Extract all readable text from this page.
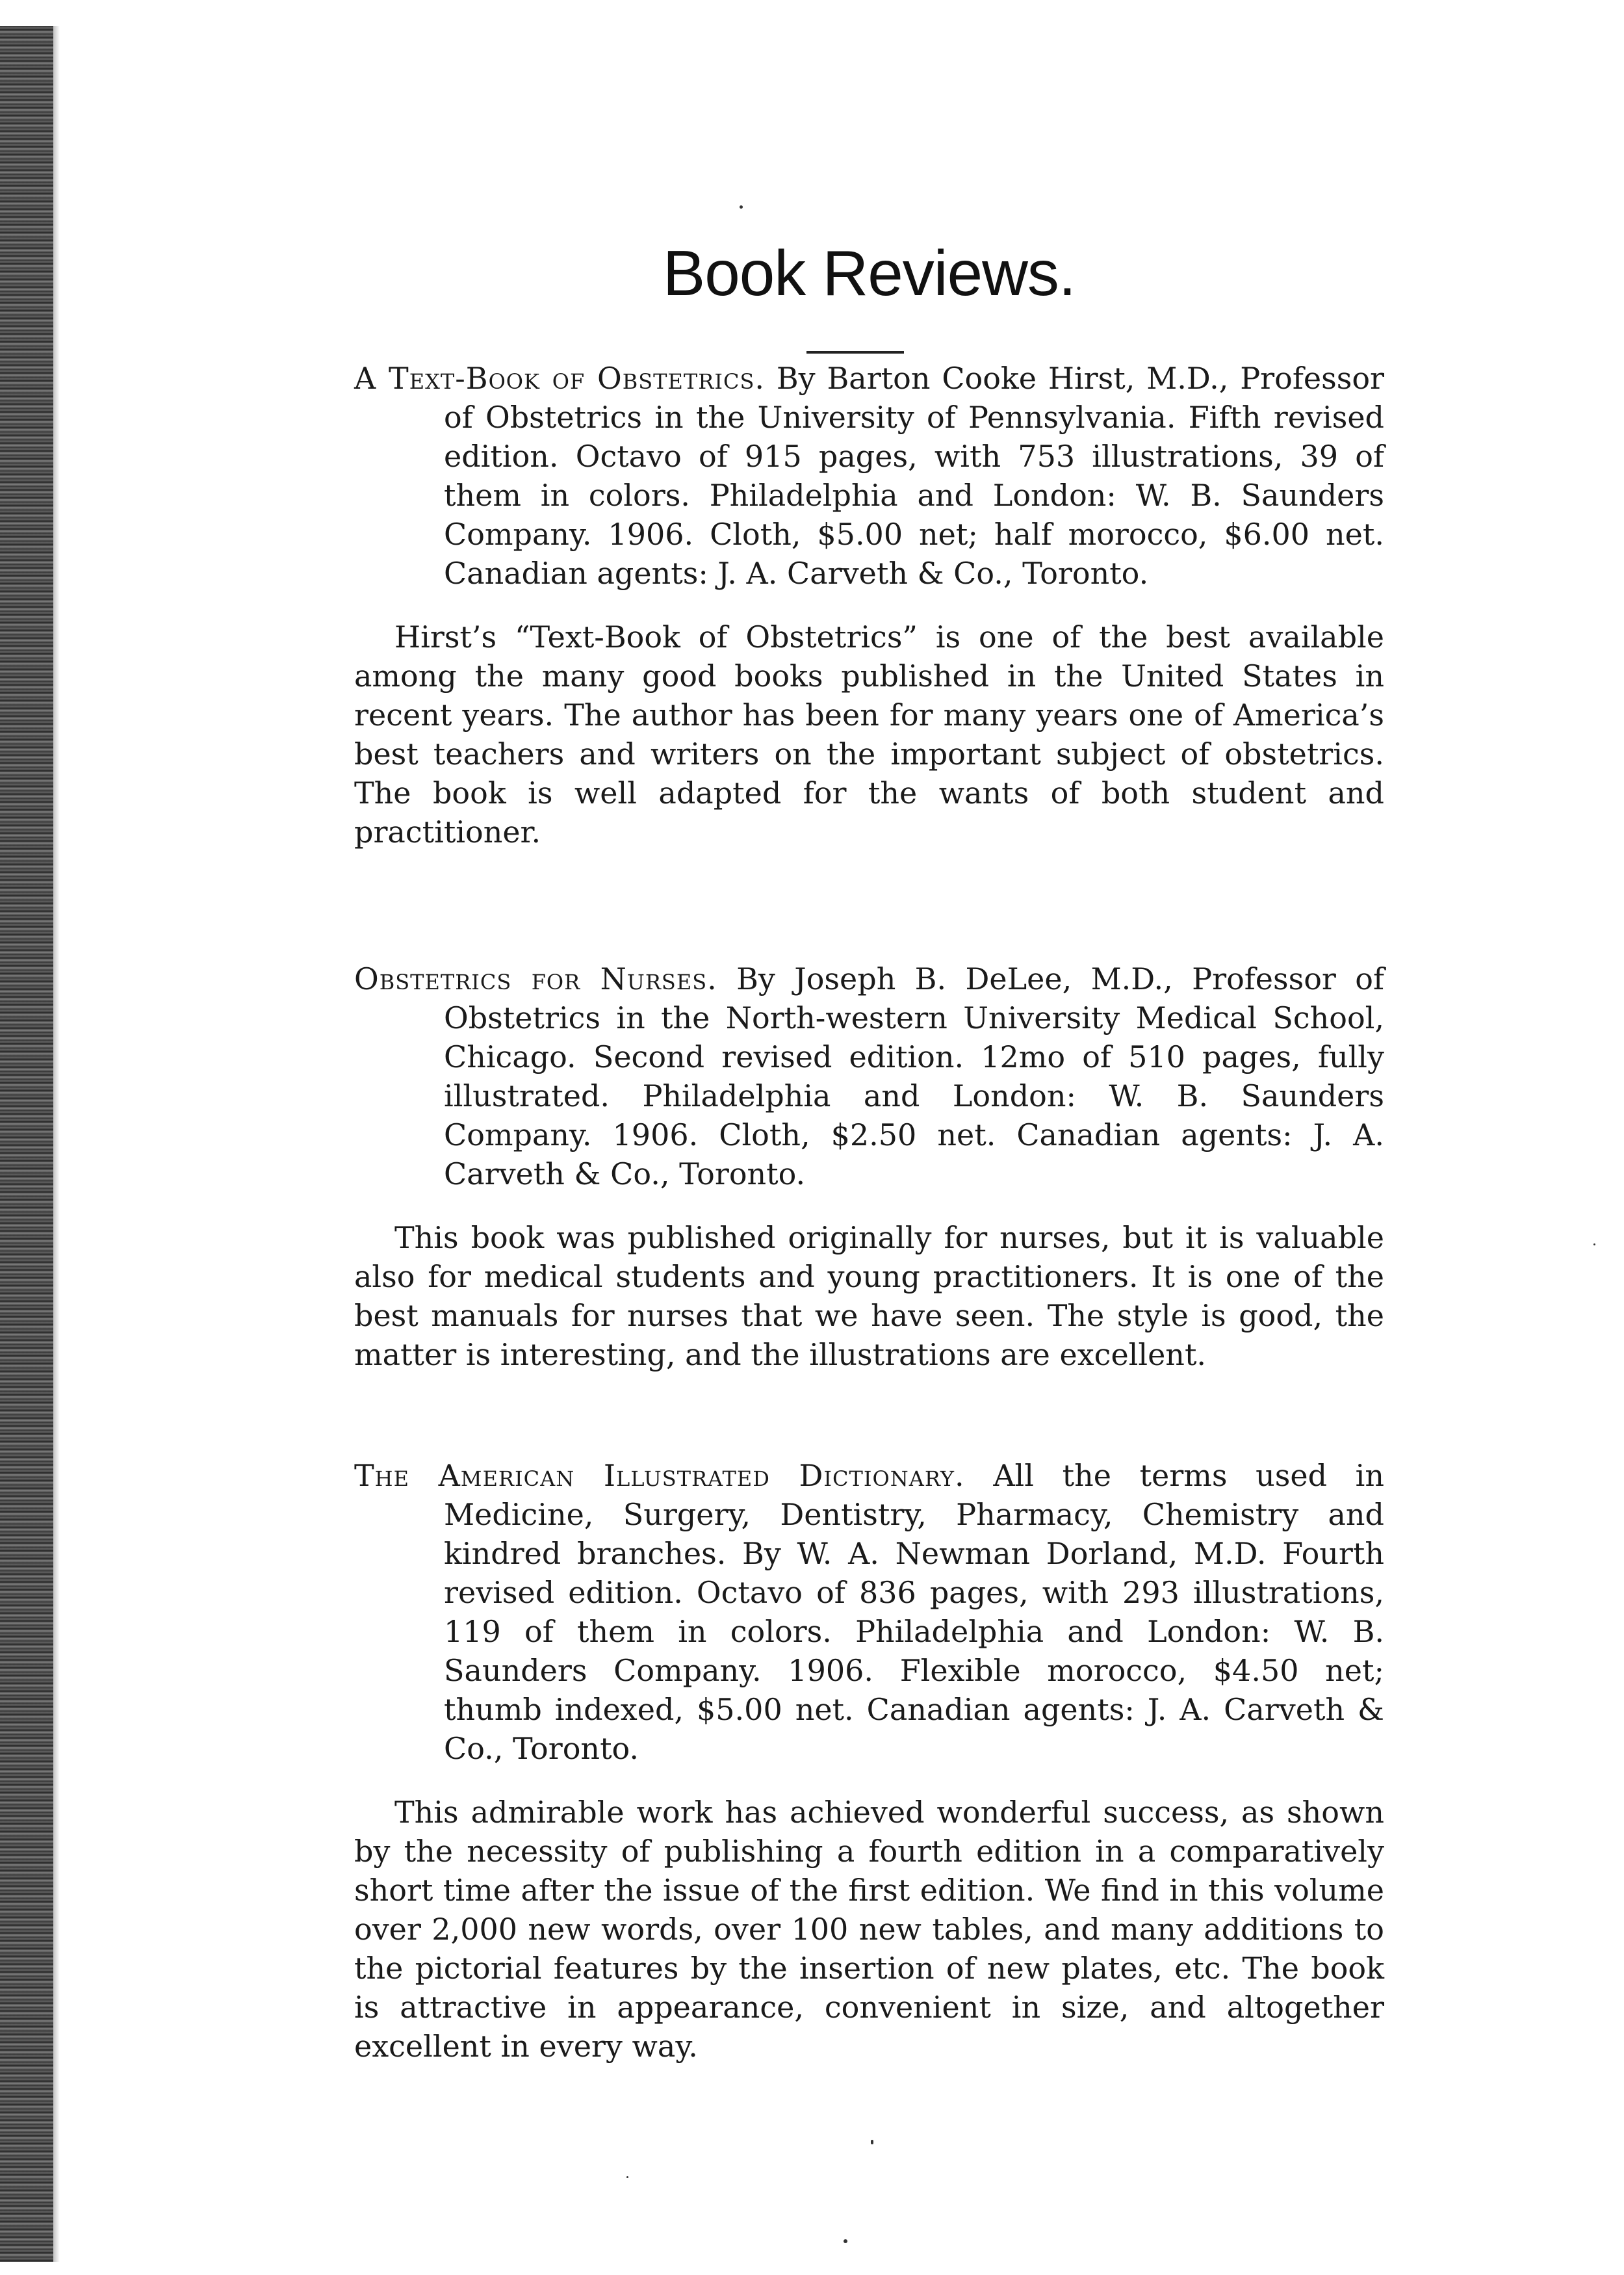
Book Reviews.

A Text-Book of Obstetrics. By Barton Cooke Hirst, M.D., Professor of Obstetrics in the University of Pennsylvania. Fifth revised edition. Octavo of 915 pages, with 753 illustrations, 39 of them in colors. Philadelphia and London: W. B. Saunders Company. 1906. Cloth, $5.00 net; half morocco, $6.00 net. Canadian agents: J. A. Carveth & Co., Toronto.

Hirst’s “Text-Book of Obstetrics” is one of the best available among the many good books published in the United States in recent years. The author has been for many years one of America’s best teachers and writers on the important subject of obstetrics. The book is well adapted for the wants of both student and practitioner.

Obstetrics for Nurses. By Joseph B. DeLee, M.D., Professor of Obstetrics in the North-western University Medical School, Chicago. Second revised edition. 12mo of 510 pages, fully illustrated. Philadelphia and London: W. B. Saunders Company. 1906. Cloth, $2.50 net. Canadian agents: J. A. Carveth & Co., Toronto.

This book was published originally for nurses, but it is valuable also for medical students and young practitioners. It is one of the best manuals for nurses that we have seen. The style is good, the matter is interesting, and the illustrations are excellent.

The American Illustrated Dictionary. All the terms used in Medicine, Surgery, Dentistry, Pharmacy, Chemistry and kindred branches. By W. A. Newman Dorland, M.D. Fourth revised edition. Octavo of 836 pages, with 293 illustrations, 119 of them in colors. Philadelphia and London: W. B. Saunders Company. 1906. Flexible morocco, $4.50 net; thumb indexed, $5.00 net. Canadian agents: J. A. Carveth & Co., Toronto.

This admirable work has achieved wonderful success, as shown by the necessity of publishing a fourth edition in a comparatively short time after the issue of the first edition. We find in this volume over 2,000 new words, over 100 new tables, and many additions to the pictorial features by the insertion of new plates, etc. The book is attractive in appearance, convenient in size, and altogether excellent in every way.
